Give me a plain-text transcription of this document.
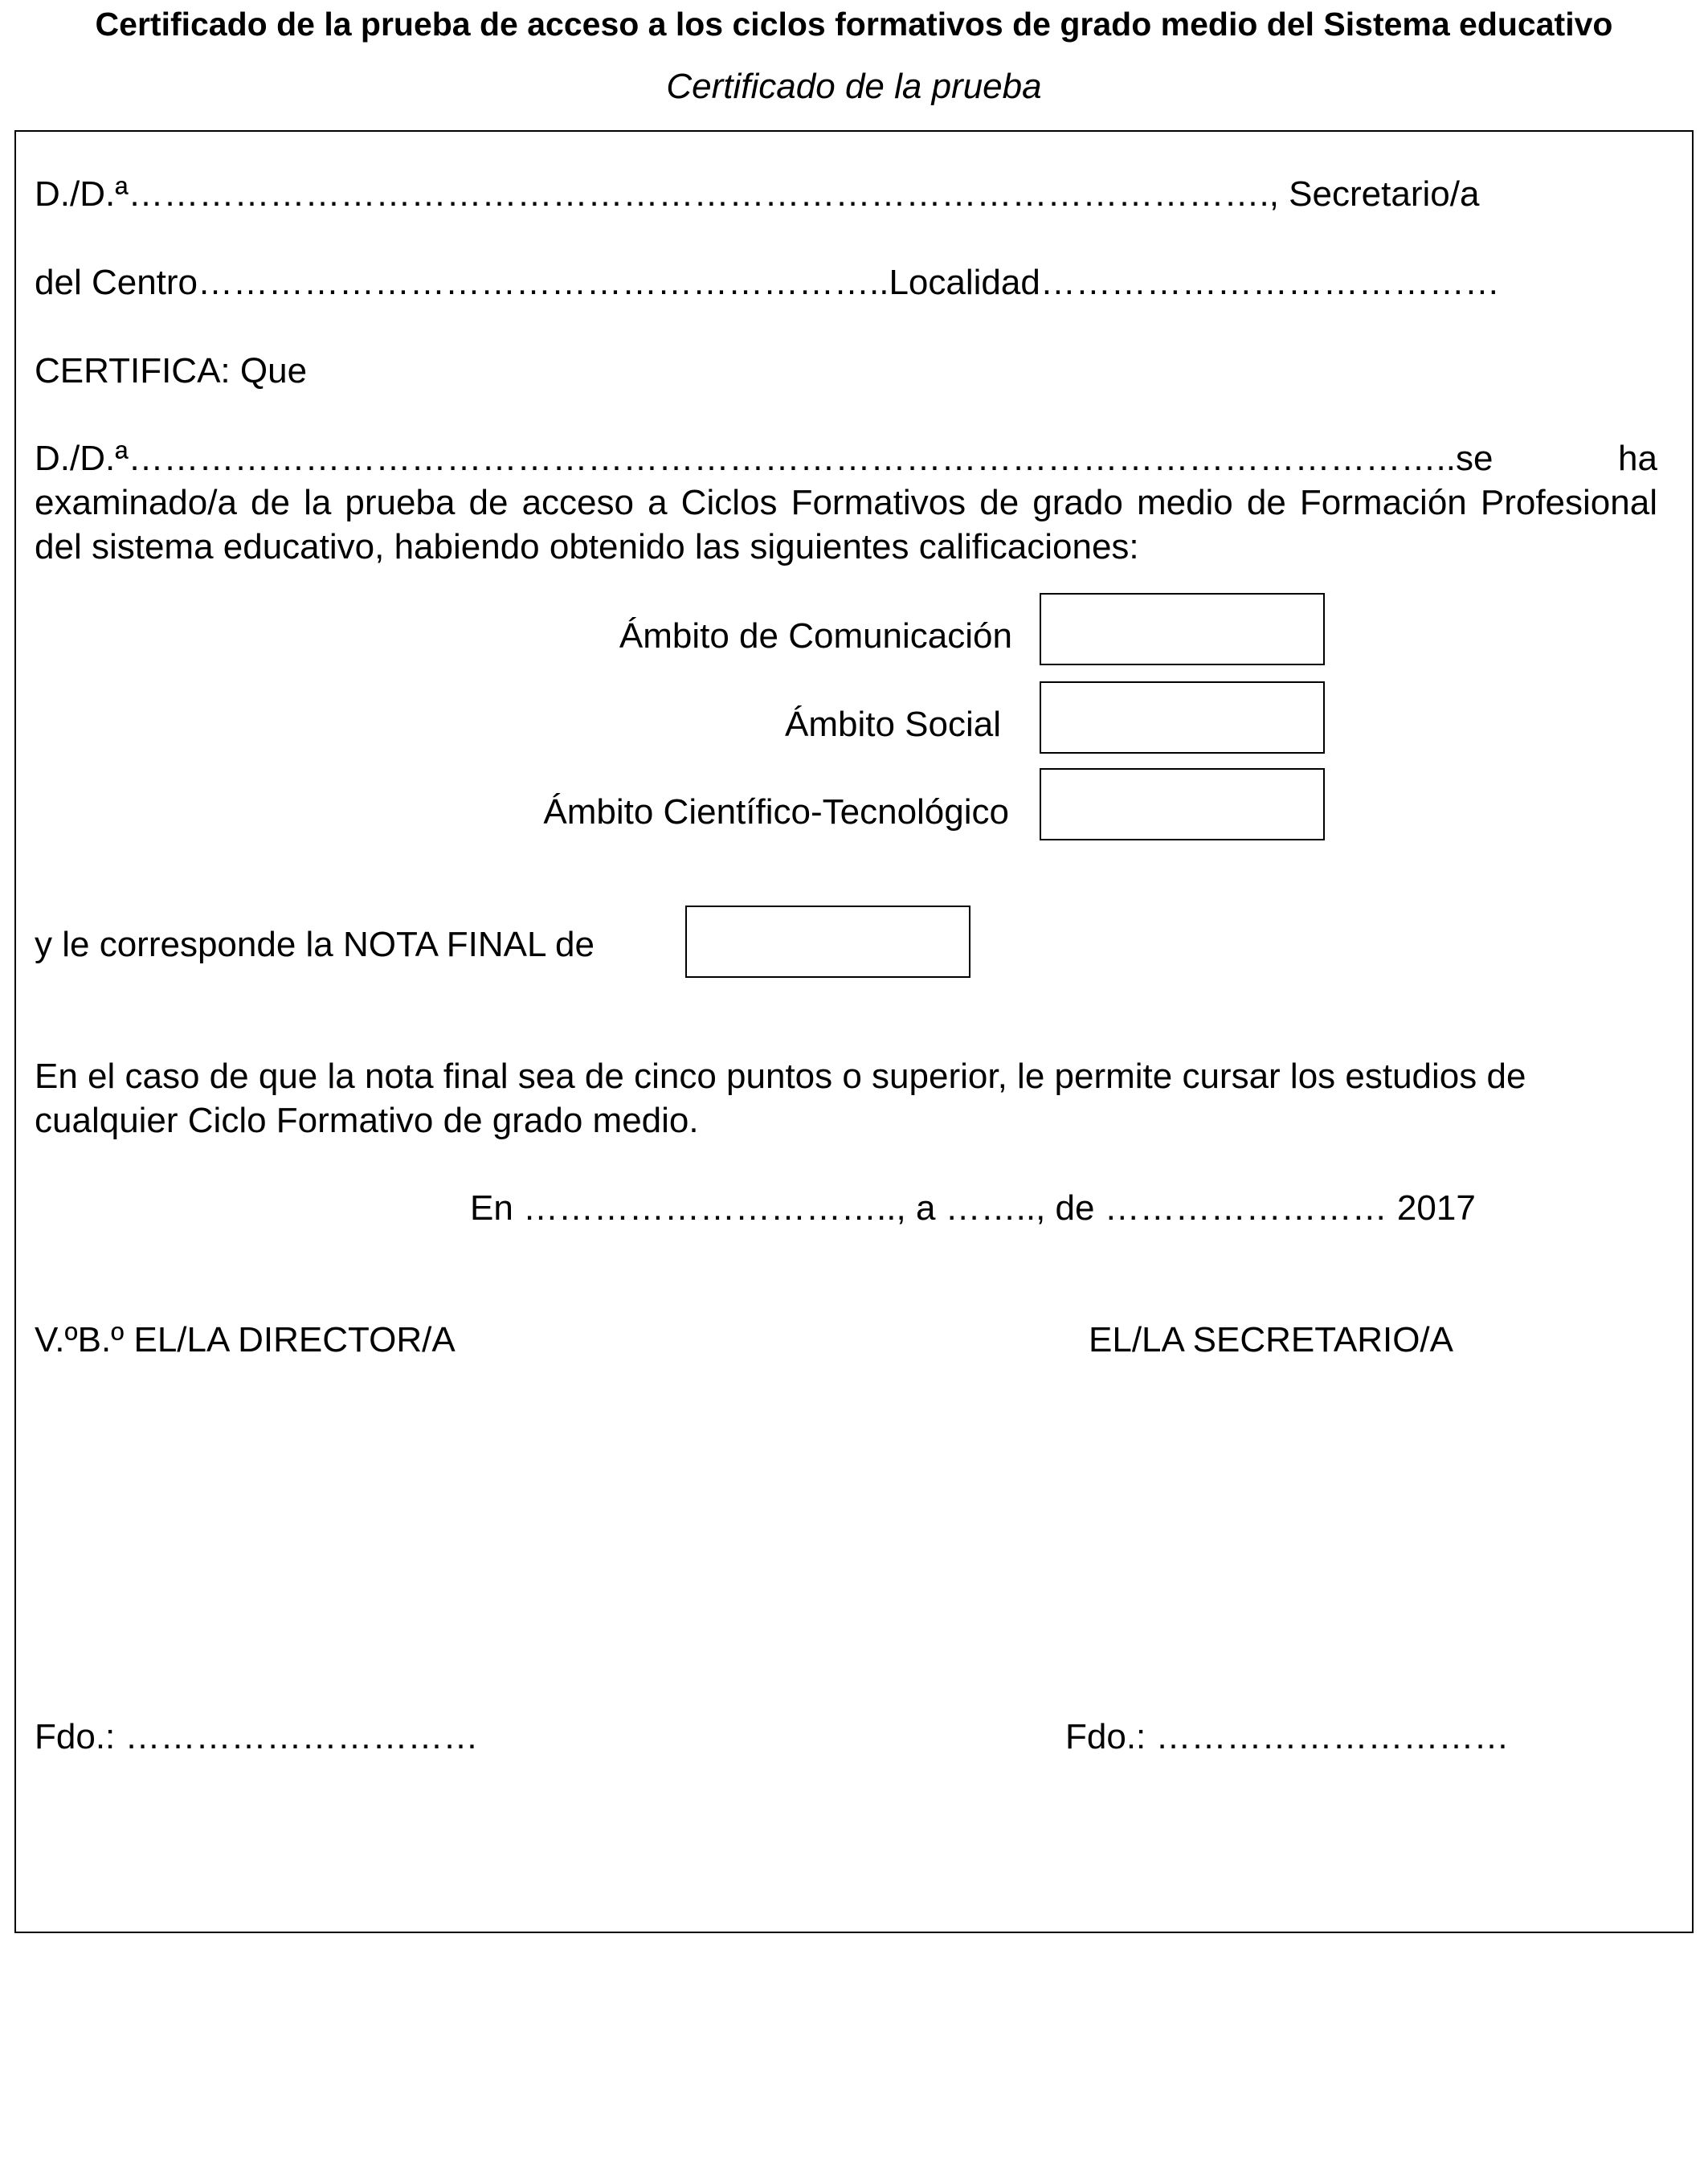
Certificado de la prueba de acceso a los ciclos formativos de grado medio del Sistema educativo
Certificado de la prueba
D./D.ª……………………………………………………………………………………., Secretario/a
del Centro…………………………………………………..Localidad…………………………………
CERTIFICA: Que
D./D.ª…………………………………………………………………………………………………..se ha examinado/a de la prueba de acceso a Ciclos Formativos de grado medio de Formación Profesional del sistema educativo, habiendo obtenido las siguientes calificaciones:
Ámbito de Comunicación
Ámbito Social
Ámbito Científico-Tecnológico
y le corresponde la NOTA FINAL de
En el caso de que la nota final sea de cinco puntos o superior, le permite cursar los estudios de cualquier Ciclo Formativo de grado medio.
En ………………………….., a …….., de …………………… 2017
V.ºB.º EL/LA DIRECTOR/A	EL/LA SECRETARIO/A
Fdo.: …………………………	Fdo.: …………………………
